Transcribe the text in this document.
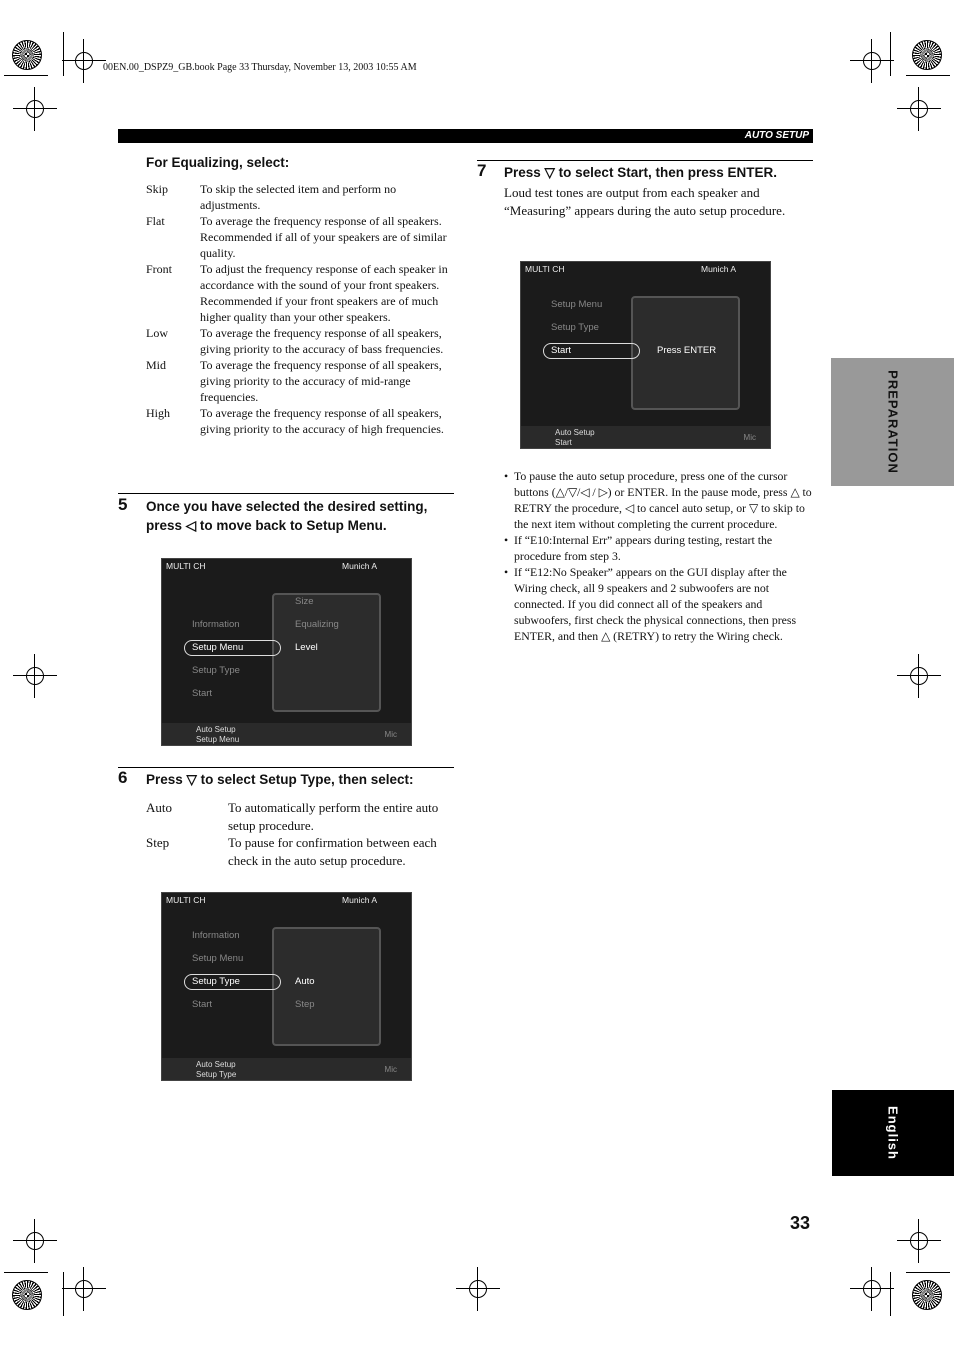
00EN.00_DSPZ9_GB.book Page 33 Thursday, November 13, 2003 10:55 AM
AUTO SETUP
For Equalizing, select:
Skip	To skip the selected item and perform no adjustments.
Flat	To average the frequency response of all speakers. Recommended if all of your speakers are of similar quality.
Front	To adjust the frequency response of each speaker in accordance with the sound of your front speakers. Recommended if your front speakers are of much higher quality than your other speakers.
Low	To average the frequency response of all speakers, giving priority to the accuracy of bass frequencies.
Mid	To average the frequency response of all speakers, giving priority to the accuracy of mid-range frequencies.
High	To average the frequency response of all speakers, giving priority to the accuracy of high frequencies.
5 Once you have selected the desired setting, press ◁ to move back to Setup Menu.
MULTI CH	Munich A
Information
Setup Menu
Setup Type
Start
Size
Equalizing
Level
Auto Setup
Setup Menu
Mic
6 Press ▽ to select Setup Type, then select:
Auto	To automatically perform the entire auto setup procedure.
Step	To pause for confirmation between each check in the auto setup procedure.
MULTI CH	Munich A
Information
Setup Menu
Setup Type
Start
Auto
Step
Auto Setup
Setup Type
Mic
7 Press ▽ to select Start, then press ENTER.
Loud test tones are output from each speaker and “Measuring” appears during the auto setup procedure.
MULTI CH	Munich A
Setup Menu
Setup Type
Start	Press ENTER
Auto Setup
Start
Mic
• To pause the auto setup procedure, press one of the cursor buttons (△/▽/◁ / ▷) or ENTER. In the pause mode, press △ to RETRY the procedure, ◁ to cancel auto setup, or ▽ to skip to the next item without completing the current procedure.
• If “E10:Internal Err” appears during testing, restart the procedure from step 3.
• If “E12:No Speaker” appears on the GUI display after the Wiring check, all 9 speakers and 2 subwoofers are not connected. If you did connect all of the speakers and subwoofers, first check the physical connections, then press ENTER, and then △ (RETRY) to retry the Wiring check.
PREPARATION
English
33
